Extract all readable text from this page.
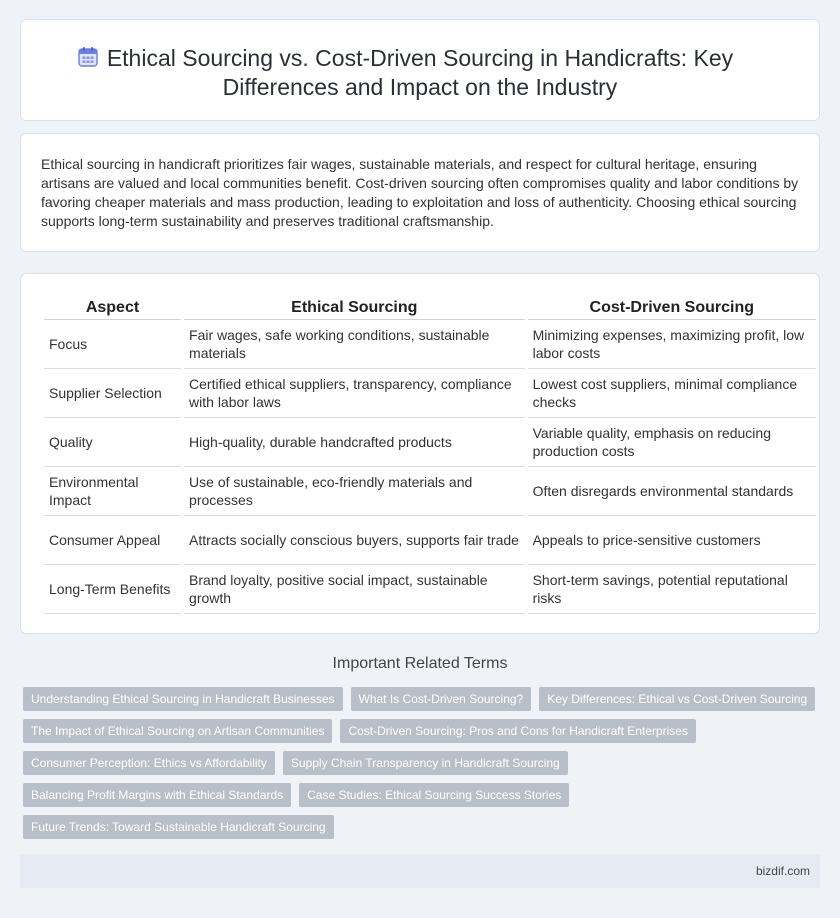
Ethical Sourcing vs. Cost-Driven Sourcing in Handicrafts: Key Differences and Impact on the Industry

Ethical sourcing in handicraft prioritizes fair wages, sustainable materials, and respect for cultural heritage, ensuring artisans are valued and local communities benefit. Cost-driven sourcing often compromises quality and labor conditions by favoring cheaper materials and mass production, leading to exploitation and loss of authenticity. Choosing ethical sourcing supports long-term sustainability and preserves traditional craftsmanship.

Aspect	Ethical Sourcing	Cost-Driven Sourcing
Focus	Fair wages, safe working conditions, sustainable materials	Minimizing expenses, maximizing profit, low labor costs
Supplier Selection	Certified ethical suppliers, transparency, compliance with labor laws	Lowest cost suppliers, minimal compliance checks
Quality	High-quality, durable handcrafted products	Variable quality, emphasis on reducing production costs
Environmental Impact	Use of sustainable, eco-friendly materials and processes	Often disregards environmental standards
Consumer Appeal	Attracts socially conscious buyers, supports fair trade	Appeals to price-sensitive customers
Long-Term Benefits	Brand loyalty, positive social impact, sustainable growth	Short-term savings, potential reputational risks
Important Related Terms
Understanding Ethical Sourcing in Handicraft Businesses	What Is Cost-Driven Sourcing?	Key Differences: Ethical vs Cost-Driven Sourcing
The Impact of Ethical Sourcing on Artisan Communities	Cost-Driven Sourcing: Pros and Cons for Handicraft Enterprises
Consumer Perception: Ethics vs Affordability	Supply Chain Transparency in Handicraft Sourcing
Balancing Profit Margins with Ethical Standards	Case Studies: Ethical Sourcing Success Stories
Future Trends: Toward Sustainable Handicraft Sourcing
bizdif.com
